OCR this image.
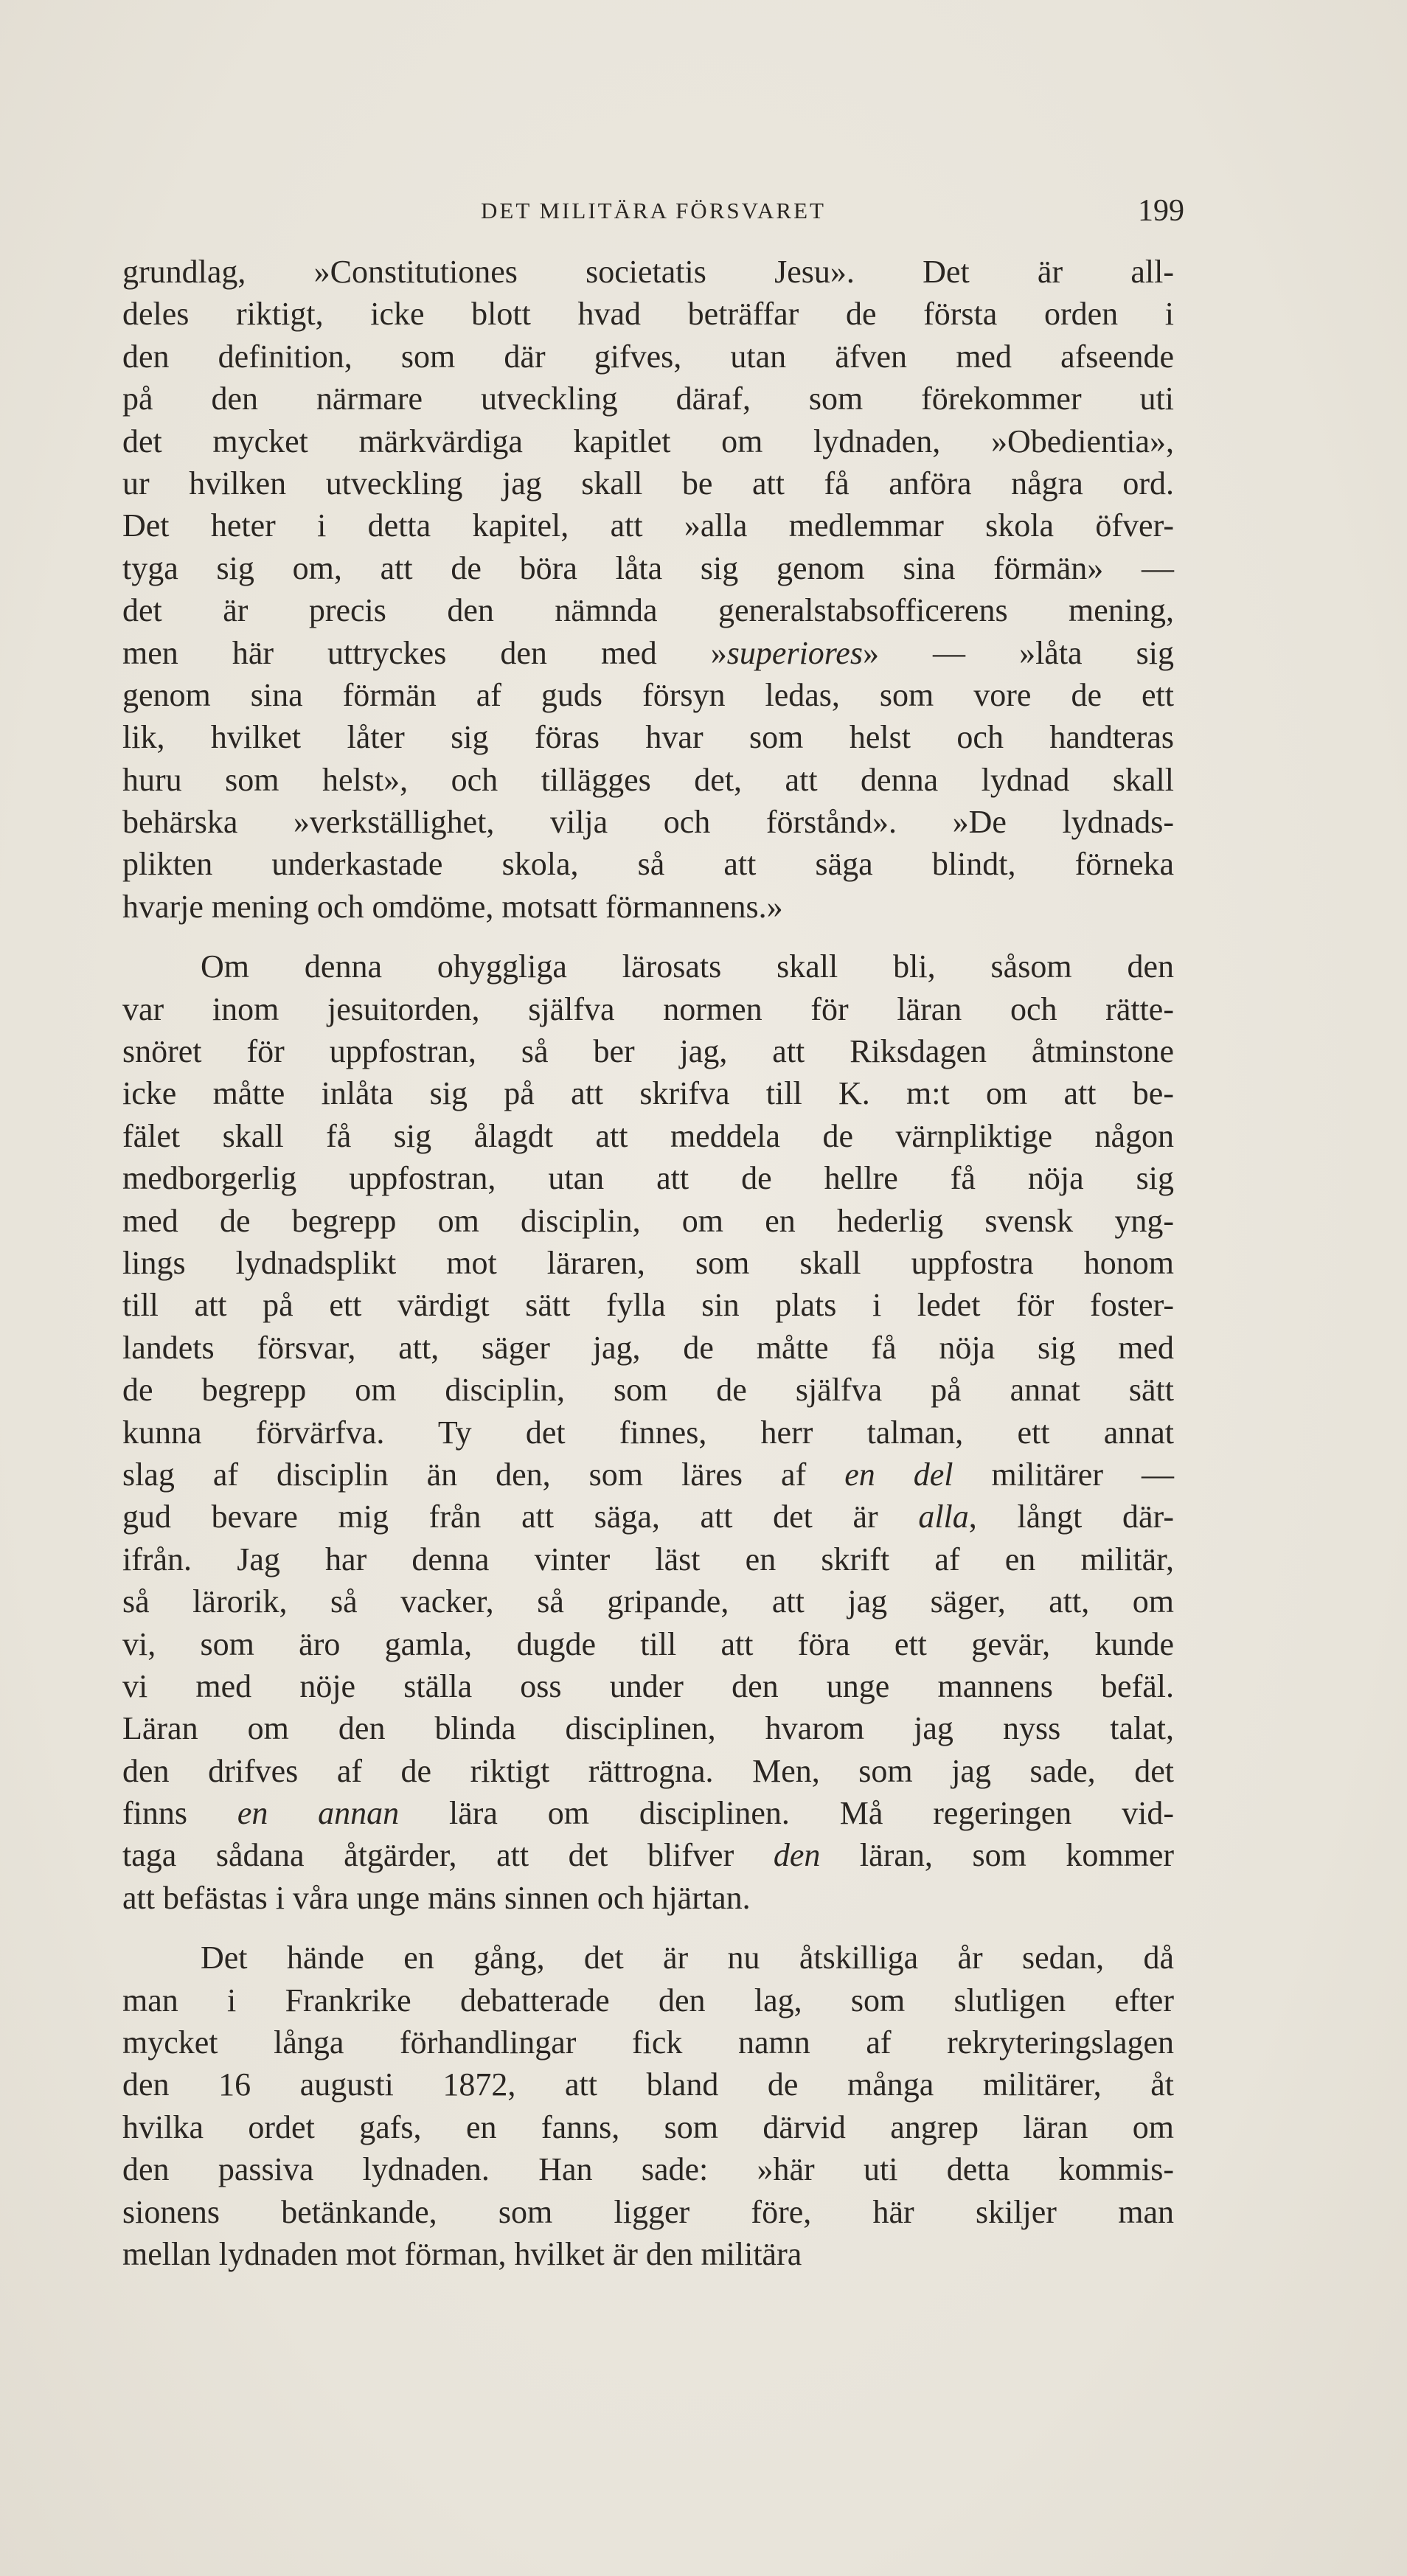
DET MILITÄRA FÖRSVARET	199
grundlag, »Constitutiones societatis Jesu». Det är all-
deles riktigt, icke blott hvad beträffar de första orden i
den definition, som där gifves, utan äfven med afseende
på den närmare utveckling däraf, som förekommer uti
det mycket märkvärdiga kapitlet om lydnaden, »Obedientia»,
ur hvilken utveckling jag skall be att få anföra några ord.
Det heter i detta kapitel, att »alla medlemmar skola öfver-
tyga sig om, att de böra låta sig genom sina förmän» —
det är precis den nämnda generalstabsofficerens mening,
men här uttryckes den med »superiores» — »låta sig
genom sina förmän af guds försyn ledas, som vore de ett
lik, hvilket låter sig föras hvar som helst och handteras
huru som helst», och tillägges det, att denna lydnad skall
behärska »verkställighet, vilja och förstånd». »De lydnads-
plikten underkastade skola, så att säga blindt, förneka
hvarje mening och omdöme, motsatt förmannens.»
Om denna ohyggliga lärosats skall bli, såsom den
var inom jesuitorden, själfva normen för läran och rätte-
snöret för uppfostran, så ber jag, att Riksdagen åtminstone
icke måtte inlåta sig på att skrifva till K. m:t om att be-
fälet skall få sig ålagdt att meddela de värnpliktige någon
medborgerlig uppfostran, utan att de hellre få nöja sig
med de begrepp om disciplin, om en hederlig svensk yng-
lings lydnadsplikt mot läraren, som skall uppfostra honom
till att på ett värdigt sätt fylla sin plats i ledet för foster-
landets försvar, att, säger jag, de måtte få nöja sig med
de begrepp om disciplin, som de själfva på annat sätt
kunna förvärfva. Ty det finnes, herr talman, ett annat
slag af disciplin än den, som läres af en del militärer —
gud bevare mig från att säga, att det är alla, långt där-
ifrån. Jag har denna vinter läst en skrift af en militär,
så lärorik, så vacker, så gripande, att jag säger, att, om
vi, som äro gamla, dugde till att föra ett gevär, kunde
vi med nöje ställa oss under den unge mannens befäl.
Läran om den blinda disciplinen, hvarom jag nyss talat,
den drifves af de riktigt rättrogna. Men, som jag sade, det
finns en annan lära om disciplinen. Må regeringen vid-
taga sådana åtgärder, att det blifver den läran, som kommer
att befästas i våra unge mäns sinnen och hjärtan.
Det hände en gång, det är nu åtskilliga år sedan, då
man i Frankrike debatterade den lag, som slutligen efter
mycket långa förhandlingar fick namn af rekryteringslagen
den 16 augusti 1872, att bland de många militärer, åt
hvilka ordet gafs, en fanns, som därvid angrep läran om
den passiva lydnaden. Han sade: »här uti detta kommis-
sionens betänkande, som ligger före, här skiljer man
mellan lydnaden mot förman, hvilket är den militära
